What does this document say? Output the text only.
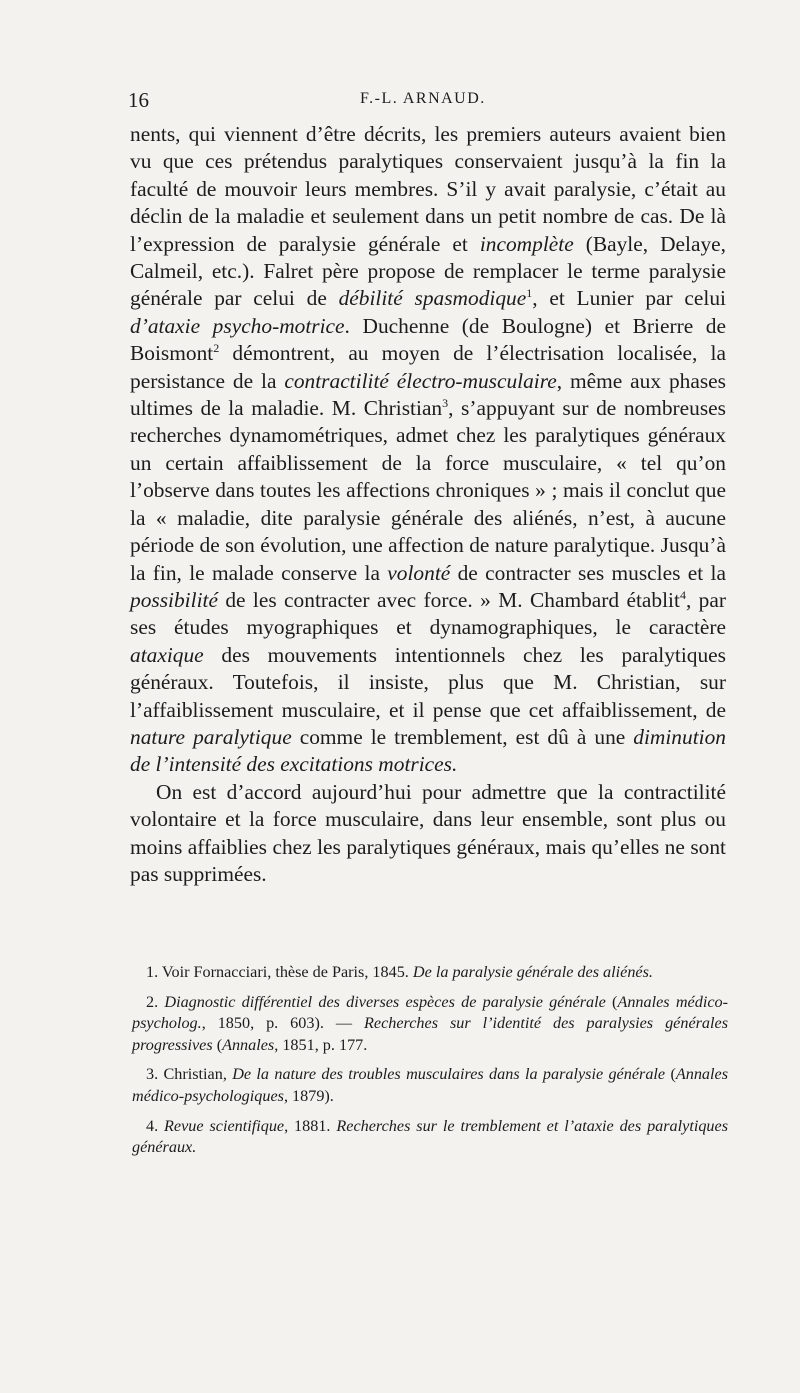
16	F.-L. ARNAUD.

nents, qui viennent d’être décrits, les premiers auteurs avaient bien vu que ces prétendus paralytiques conservaient jusqu’à la fin la faculté de mouvoir leurs membres. S’il y avait paralysie, c’était au déclin de la maladie et seulement dans un petit nombre de cas. De là l’expression de paralysie générale et incomplète (Bayle, Delaye, Calmeil, etc.). Falret père propose de remplacer le terme paralysie générale par celui de débilité spasmodique$^1$, et Lunier par celui d’ataxie psycho-motrice. Duchenne (de Boulogne) et Brierre de Boismont$^2$ démontrent, au moyen de l’électrisation localisée, la persistance de la contractilité électro-musculaire, même aux phases ultimes de la maladie. M. Christian$^3$, s’appuyant sur de nombreuses recherches dynamométriques, admet chez les paralytiques généraux un certain affaiblissement de la force musculaire, « tel qu’on l’observe dans toutes les affections chroniques » ; mais il conclut que la « maladie, dite paralysie générale des aliénés, n’est, à aucune période de son évolution, une affection de nature paralytique. Jusqu’à la fin, le malade conserve la volonté de contracter ses muscles et la possibilité de les contracter avec force. » M. Chambard établit$^4$, par ses études myographiques et dynamographiques, le caractère ataxique des mouvements intentionnels chez les paralytiques généraux. Toutefois, il insiste, plus que M. Christian, sur l’affaiblissement musculaire, et il pense que cet affaiblissement, de nature paralytique comme le tremblement, est dû à une diminution de l’intensité des excitations motrices.

On est d’accord aujourd’hui pour admettre que la contractilité volontaire et la force musculaire, dans leur ensemble, sont plus ou moins affaiblies chez les paralytiques généraux, mais qu’elles ne sont pas supprimées.

1. Voir Fornacciari, thèse de Paris, 1845. De la paralysie générale des aliénés.

2. Diagnostic différentiel des diverses espèces de paralysie générale (Annales médico-psycholog., 1850, p. 603). — Recherches sur l’identité des paralysies générales progressives (Annales, 1851, p. 177.

3. Christian, De la nature des troubles musculaires dans la paralysie générale (Annales médico-psychologiques, 1879).

4. Revue scientifique, 1881. Recherches sur le tremblement et l’ataxie des paralytiques généraux.
